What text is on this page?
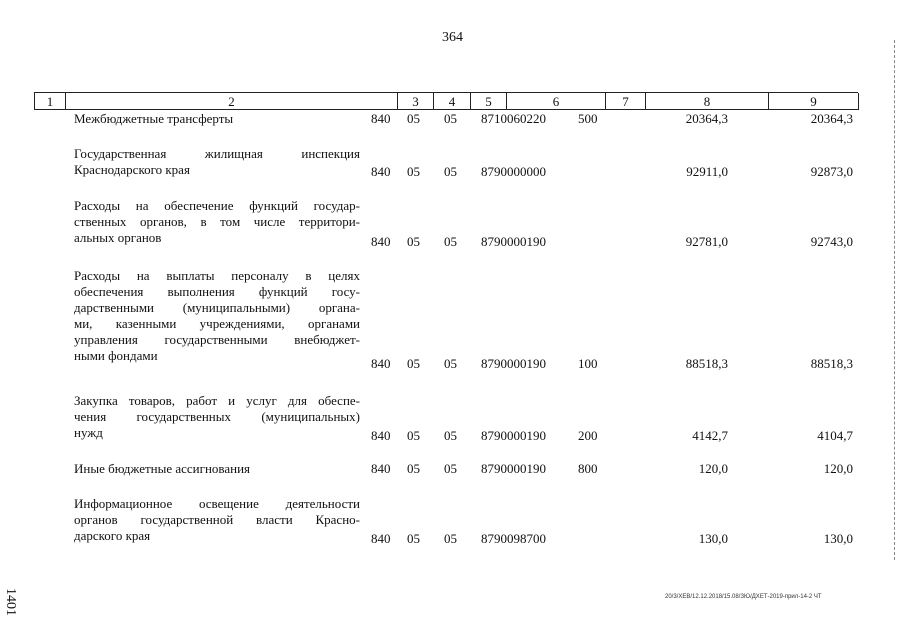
364
1	2	3	4	5	6	7	8	9
Межбюджетные трансферты	840 05 05 8710060220 500	20364,3	20364,3
Государственная жилищная инспекция
Краснодарского края	840 05 05 8790000000	92911,0	92873,0
Расходы на обеспечение функций государ-
ственных органов, в том числе территори-
альных органов	840 05 05 8790000190	92781,0	92743,0
Расходы на выплаты персоналу в целях
обеспечения выполнения функций госу-
дарственными (муниципальными) органа-
ми, казенными учреждениями, органами
управления государственными внебюджет-
ными фондами
840 05 05 8790000190 100	88518,3	88518,3
Закупка товаров, работ и услуг для обеспе-
чения государственных (муниципальных)
нужд	840 05 05 8790000190 200	4142,7	4104,7
Иные бюджетные ассигнования	840 05 05 8790000190 800	120,0	120,0
Информационное освещение деятельности
органов государственной власти Красно-
дарского края	840 05 05 8790098700	130,0	130,0
1401	20/3/ХЕВ/12.12.2018/15.08/ЗЮ/ДХЕТ-2019-прил-14-2 ЧТ
